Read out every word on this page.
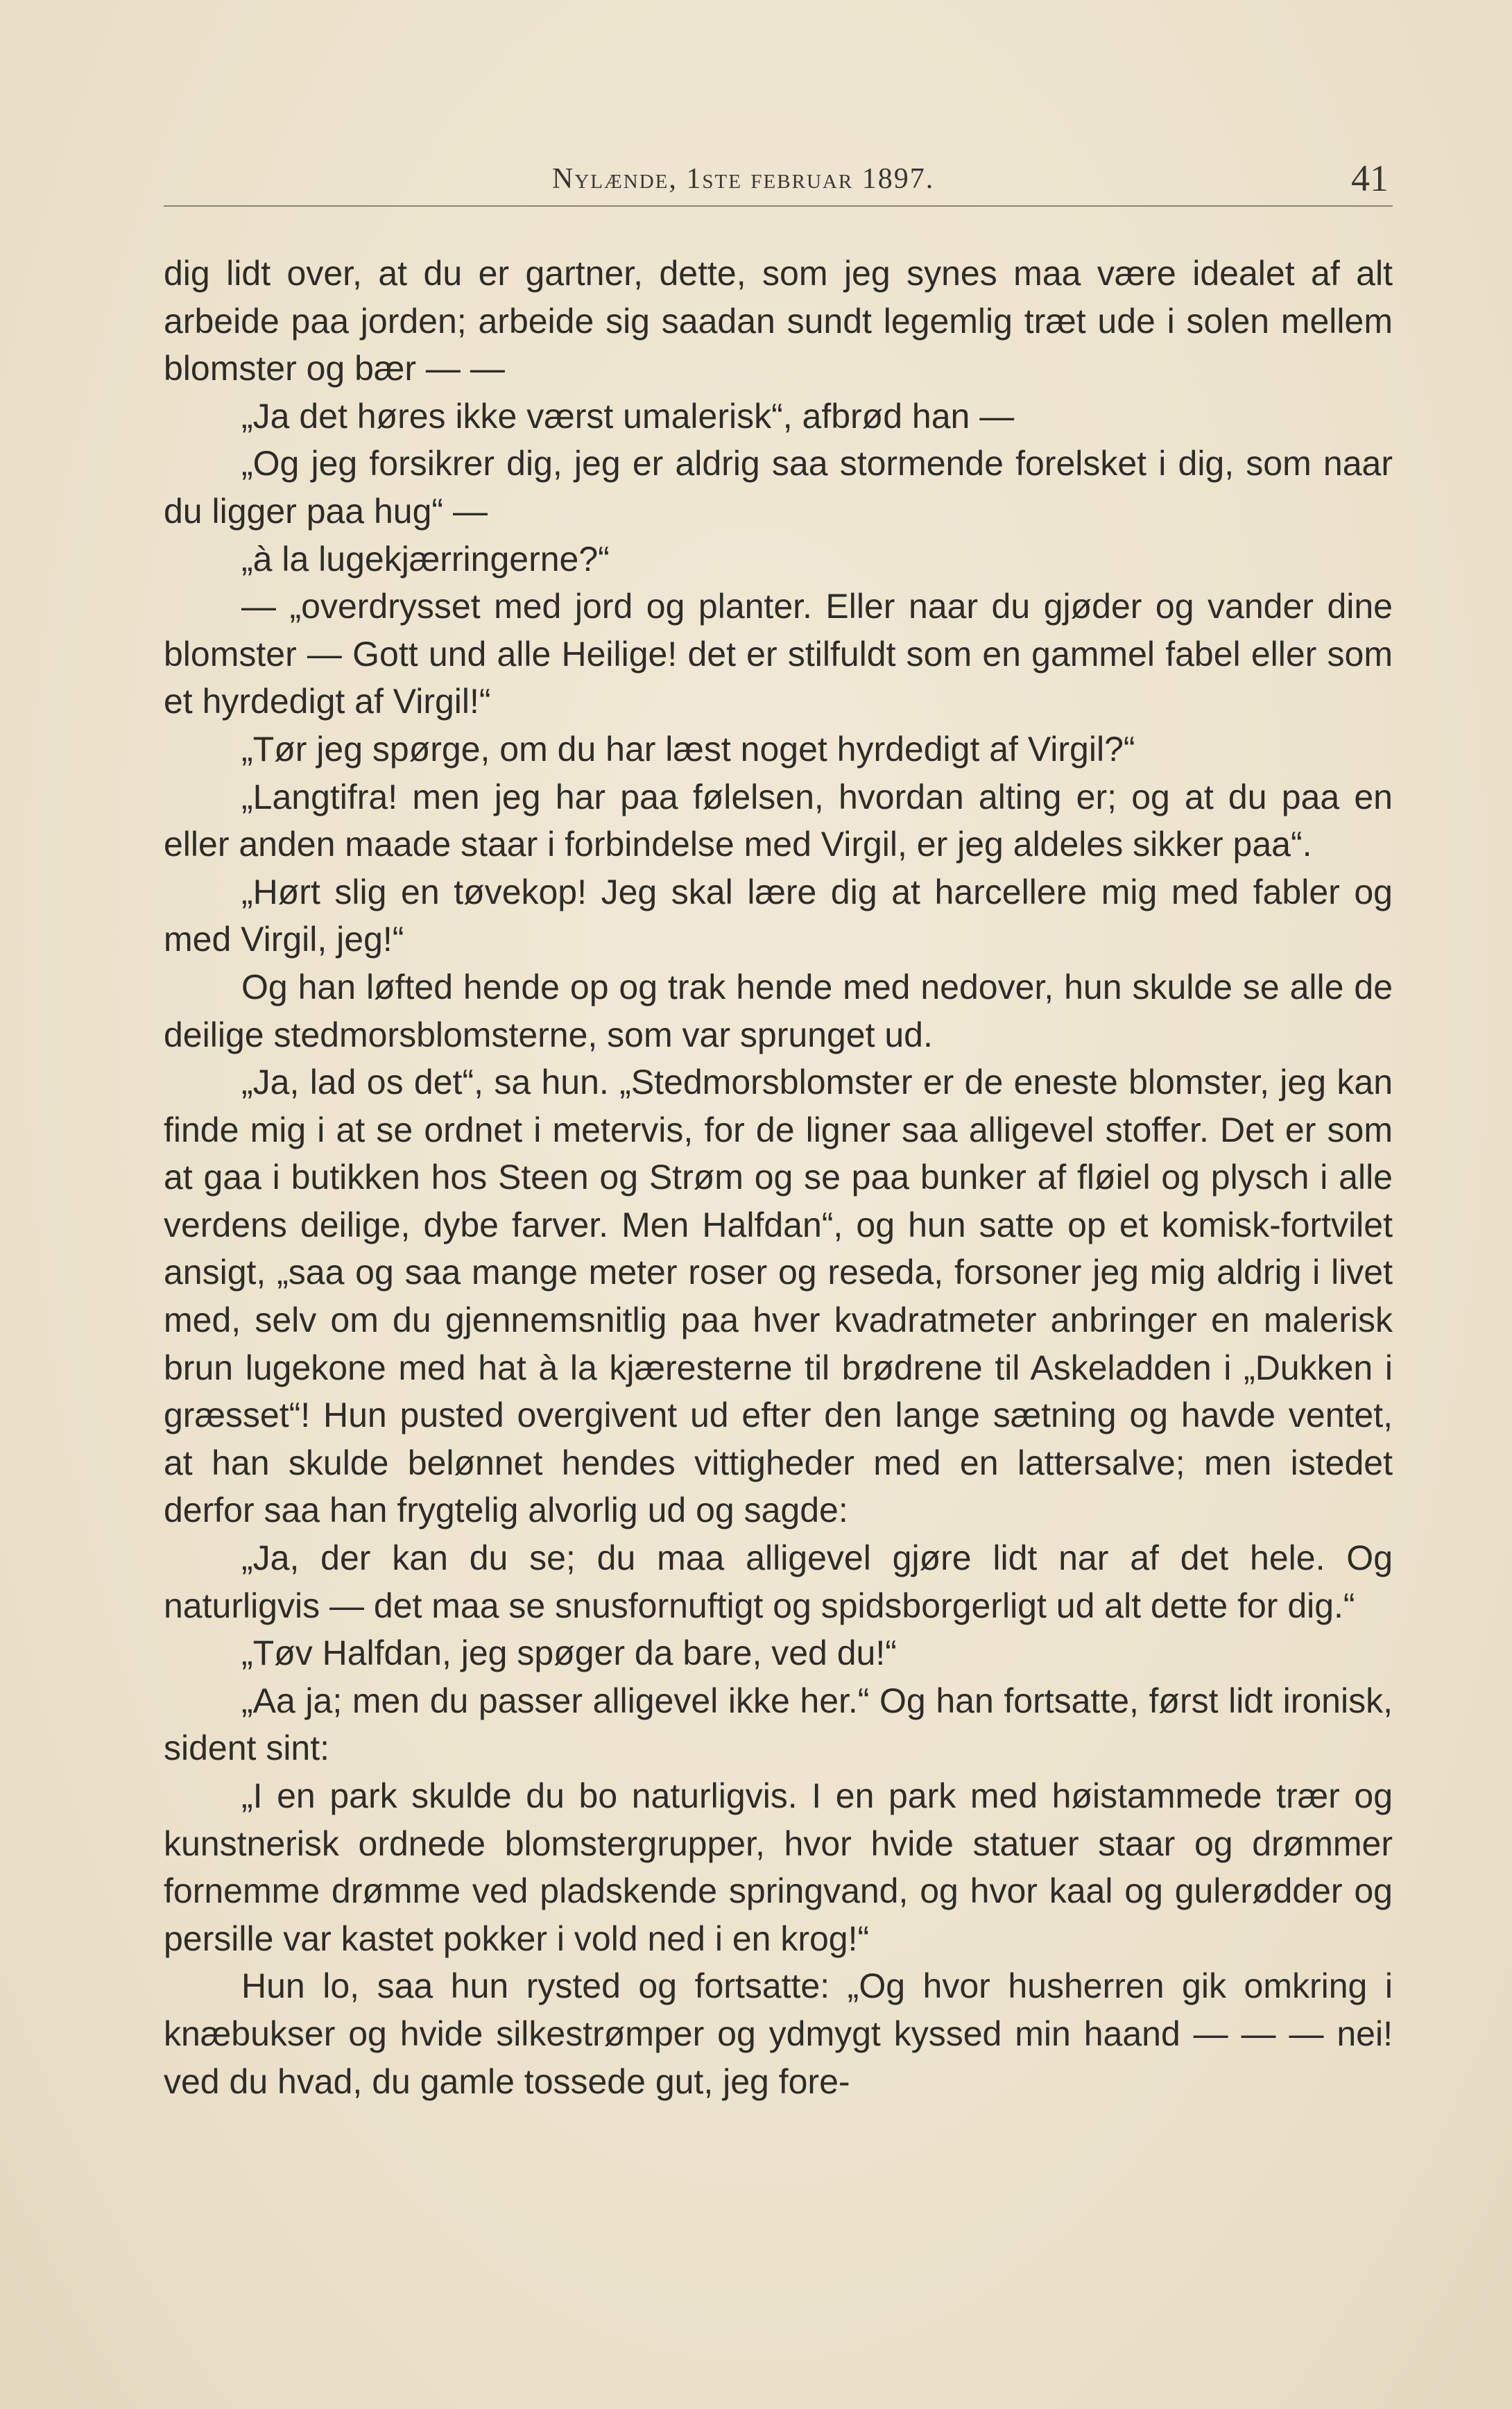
Nylænde, 1ste februar 1897.	41

dig lidt over, at du er gartner, dette, som jeg synes maa være idealet af alt arbeide paa jorden; arbeide sig saadan sundt legemlig træt ude i solen mellem blomster og bær — —

„Ja det høres ikke værst umalerisk“, afbrød han —

„Og jeg forsikrer dig, jeg er aldrig saa stormende forelsket i dig, som naar du ligger paa hug“ —

„à la lugekjærringerne?“

— „overdrysset med jord og planter. Eller naar du gjøder og vander dine blomster — Gott und alle Heilige! det er stilfuldt som en gammel fabel eller som et hyrdedigt af Virgil!“

„Tør jeg spørge, om du har læst noget hyrdedigt af Virgil?“

„Langtifra! men jeg har paa følelsen, hvordan alting er; og at du paa en eller anden maade staar i forbindelse med Virgil, er jeg aldeles sikker paa“.

„Hørt slig en tøvekop! Jeg skal lære dig at harcellere mig med fabler og med Virgil, jeg!“

Og han løfted hende op og trak hende med nedover, hun skulde se alle de deilige stedmorsblomsterne, som var sprunget ud.

„Ja, lad os det“, sa hun. „Stedmorsblomster er de eneste blomster, jeg kan finde mig i at se ordnet i metervis, for de ligner saa alligevel stoffer. Det er som at gaa i butikken hos Steen og Strøm og se paa bunker af fløiel og plysch i alle verdens deilige, dybe farver. Men Halfdan“, og hun satte op et komisk-fortvilet ansigt, „saa og saa mange meter roser og reseda, forsoner jeg mig aldrig i livet med, selv om du gjennemsnitlig paa hver kvadratmeter anbringer en malerisk brun lugekone med hat à la kjæresterne til brødrene til Askeladden i „Dukken i græsset“! Hun pusted overgivent ud efter den lange sætning og havde ventet, at han skulde belønnet hendes vittigheder med en lattersalve; men istedet derfor saa han frygtelig alvorlig ud og sagde:

„Ja, der kan du se; du maa alligevel gjøre lidt nar af det hele. Og naturligvis — det maa se snusfornuftigt og spidsborgerligt ud alt dette for dig.“

„Tøv Halfdan, jeg spøger da bare, ved du!“

„Aa ja; men du passer alligevel ikke her.“ Og han fortsatte, først lidt ironisk, sident sint:

„I en park skulde du bo naturligvis. I en park med høistammede trær og kunstnerisk ordnede blomstergrupper, hvor hvide statuer staar og drømmer fornemme drømme ved pladskende springvand, og hvor kaal og gulerødder og persille var kastet pokker i vold ned i en krog!“

Hun lo, saa hun rysted og fortsatte: „Og hvor husherren gik omkring i knæbukser og hvide silkestrømper og ydmygt kyssed min haand — — — nei! ved du hvad, du gamle tossede gut, jeg fore-
